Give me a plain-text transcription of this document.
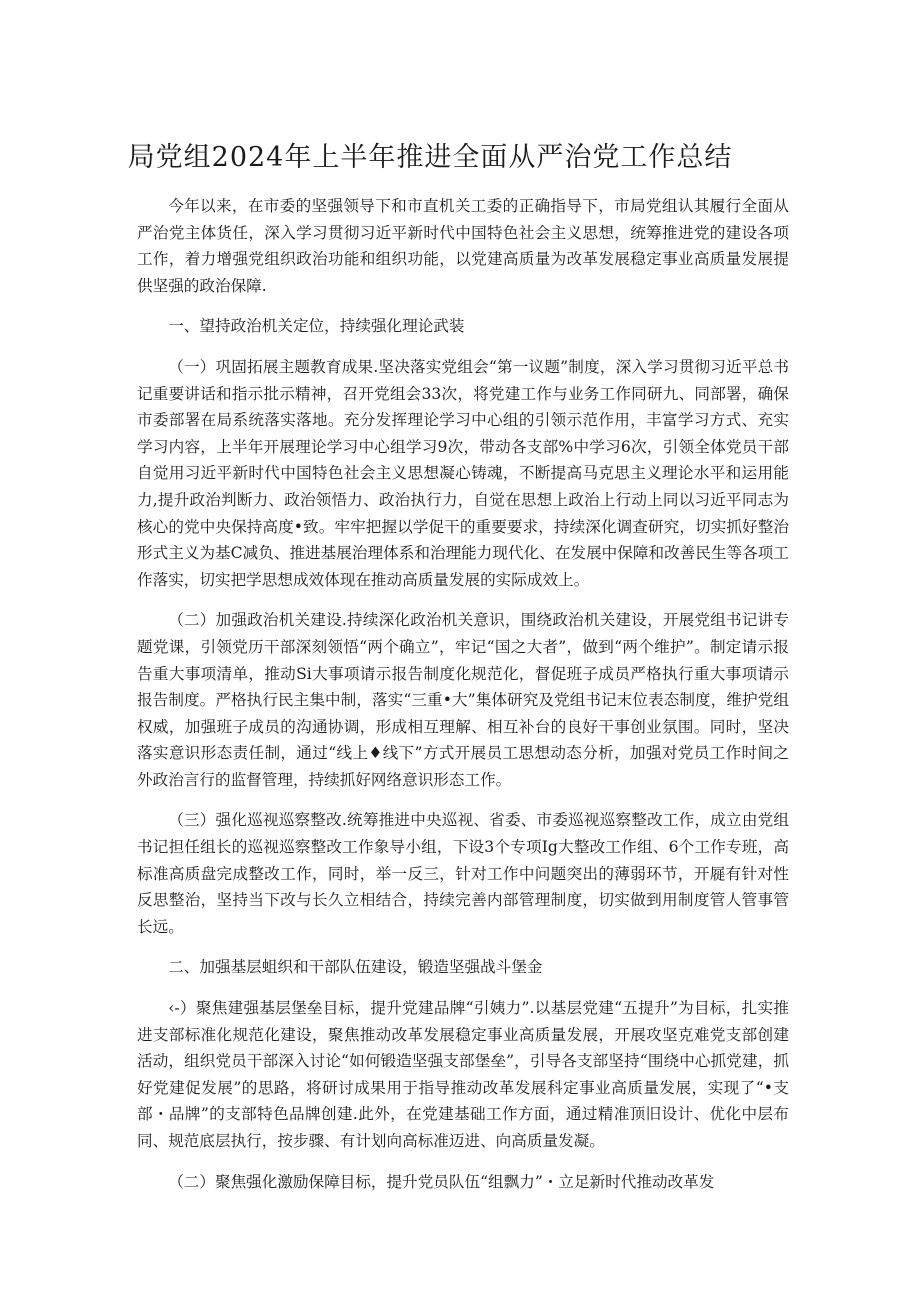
局党组2024年上半年推进全面从严治党工作总结

今年以来，在市委的坚强领导下和市直机关工委的正确指导下，市局党组认其履行全面从严治党主体货任，深入学习贯彻习近平新时代中国特色社会主义思想，统筹推进党的建设各项工作，着力增强党组织政治功能和组织功能，以党建高质量为改革发展稳定事业高质量发展提供坚强的政治保障.

一、望持政治机关定位，持续强化理论武装

（一）巩固拓展主题教育成果.坚决落实党组会“第一议题”制度，深入学习贯彻习近平总书记重要讲话和指示批示精神，召开党组会33次，将党建工作与业务工作同研九、同部署，确保市委部署在局系统落实落地。充分发挥理论学习中心组的引领示范作用，丰富学习方式、充实学习内容，上半年开展理论学习中心组学习9次，带动各支部%中学习6次，引领全体党员干部自觉用习近平新时代中国特色社会主义思想凝心铸魂，不断提高马克思主义理论水平和运用能力,提升政治判断力、政治领悟力、政治执行力，自觉在思想上政治上行动上同以习近平同志为核心的党中央保持高度•致。牢牢把握以学促干的重要要求，持续深化调查研究，切实抓好整治形式主义为基C减负、推进基展治理体系和治理能力现代化、在发展中保障和改善民生等各项工作落实，切实把学思想成效体现在推动高质量发展的实际成效上。

（二）加强政治机关建设.持续深化政治机关意识，围绕政治机关建设，开展党组书记讲专题党课，引领党历干部深刻领悟“两个确立”，牢记“国之大者”，做到“两个维护”。制定请示报告重大事项清单，推动Si大事项请示报告制度化规范化，督促班子成员严格执行重大事项请示报告制度。严格执行民主集中制，落实“三重•大”集体研究及党组书记末位表态制度，维护党组权威，加强班子成员的沟通协调，形成相互理解、相互补台的良好干事创业氛围。同时，坚决落实意识形态责任制，通过“线上♦线下”方式开展员工思想动态分析，加强对党员工作时间之外政治言行的监督管理，持续抓好网络意识形态工作。

（三）强化巡视巡察整改.统筹推进中央巡视、省委、市委巡视巡察整改工作，成立由党组书记担任组长的巡视巡察整改工作象导小组，下设3个专项Ig大整改工作组、6个工作专班，高标准高质盘完成整改工作，同时，举一反三，针对工作中问题突出的薄弱环节，开屣有针对性反思整治，坚持当下改与长久立相结合，持续完善内部管理制度，切实做到用制度管人管事管长远。

二、加强基层蛆织和干部队伍建设，锻造坚强战斗堡金

‹-）聚焦建强基层堡垒目标，提升党建品牌“引姨力”.以基层党建“五提升”为目标，扎实推进支部标准化规范化建设，聚焦推动改革发展稳定事业高质量发展，开展攻坚克难党支部创建活动，组织党员干部深入讨论“如何锻造坚强支部堡垒”，引导各支部坚持“围绕中心抓党建，抓好党建促发展”的思路，将研讨成果用于指导推动改革发展科定事业高质量发展，实现了“•支部・品牌”的支部特色品牌创建.此外，在党建基础工作方面，通过精准顶旧设计、优化中层布同、规范底层执行，按步骤、有计划向高标准迈进、向高质量发凝。

（二）聚焦强化激励保障目标，提升党员队伍“组飘力”・立足新时代推动改革发
